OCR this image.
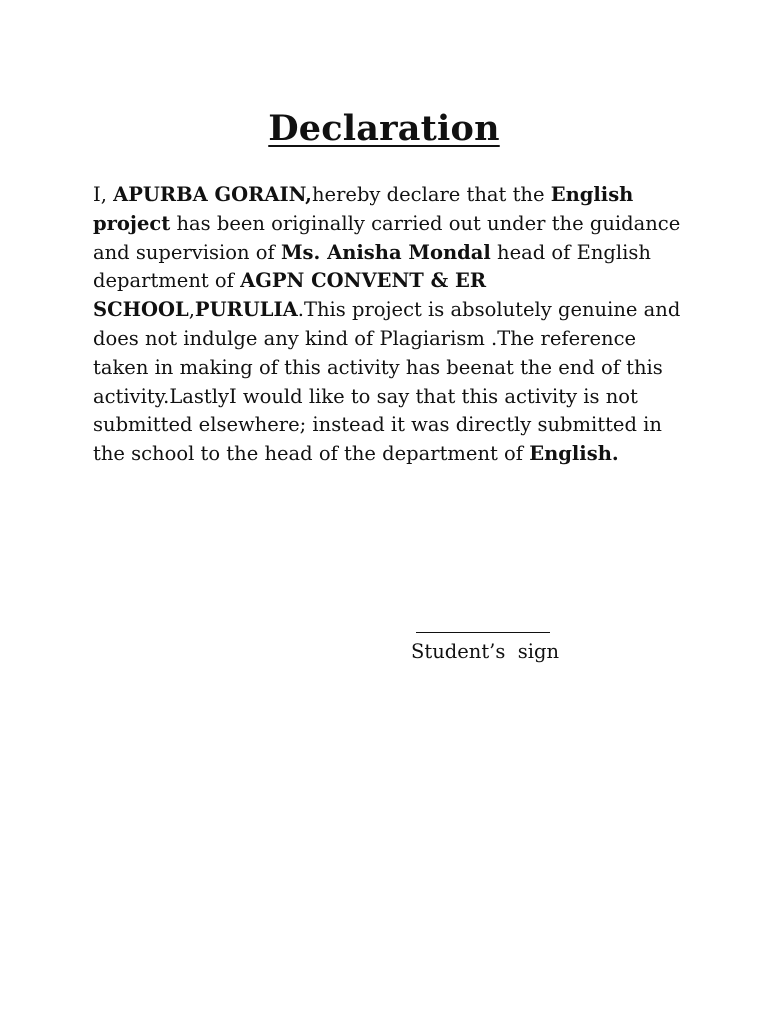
Declaration

I, APURBA GORAIN,hereby declare that the English project has been originally carried out under the guidance and supervision of Ms. Anisha Mondal head of English department of AGPN CONVENT & ER SCHOOL,PURULIA.This project is absolutely genuine and does not indulge any kind of Plagiarism .The reference taken in making of this activity has beenat the end of this activity.LastlyI would like to say that this activity is not submitted elsewhere; instead it was directly submitted in the school to the head of the department of English.

Student’s  sign
